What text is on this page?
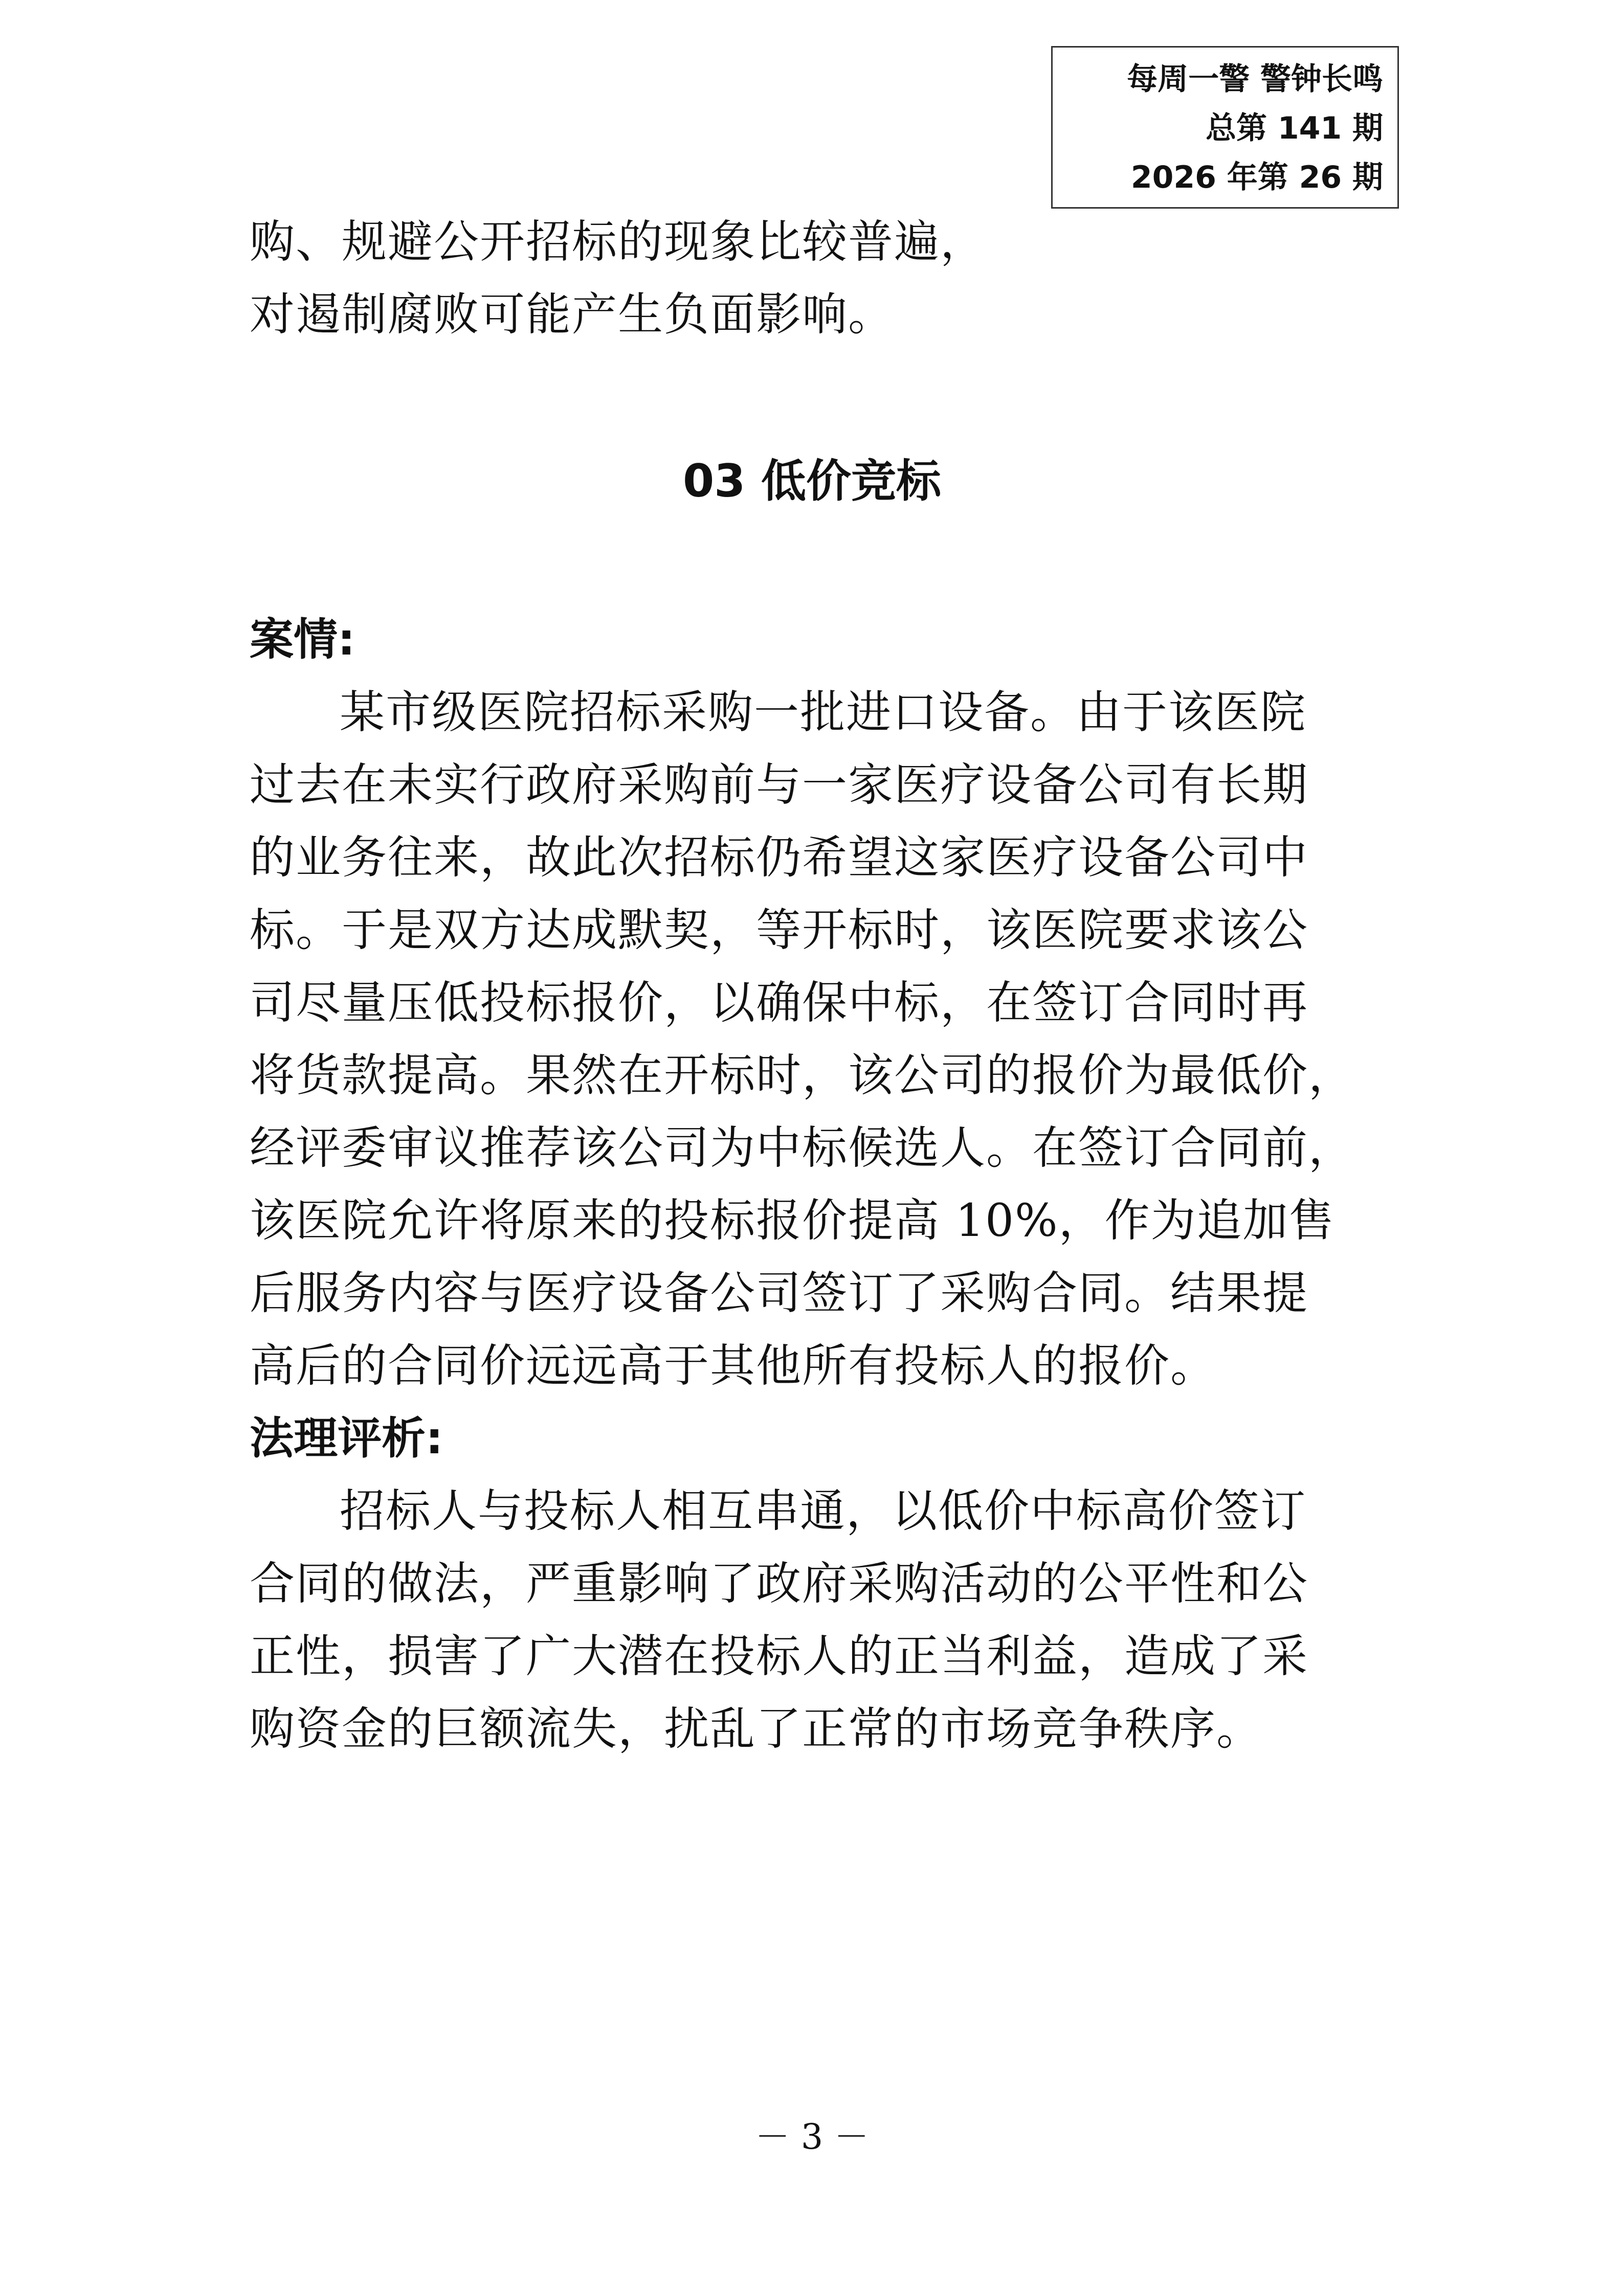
每周一警 警钟长鸣
总第 141 期
2026 年第 26 期
购、规避公开招标的现象比较普遍，
对遏制腐败可能产生负面影响。
03 低价竞标
案情:
某市级医院招标采购一批进口设备。由于该医院
过去在未实行政府采购前与一家医疗设备公司有长期
的业务往来，故此次招标仍希望这家医疗设备公司中
标。于是双方达成默契，等开标时，该医院要求该公
司尽量压低投标报价，以确保中标，在签订合同时再
将货款提高。果然在开标时，该公司的报价为最低价，
经评委审议推荐该公司为中标候选人。在签订合同前，
该医院允许将原来的投标报价提高 10%，作为追加售
后服务内容与医疗设备公司签订了采购合同。结果提
高后的合同价远远高于其他所有投标人的报价。
法理评析:
招标人与投标人相互串通，以低价中标高价签订
合同的做法，严重影响了政府采购活动的公平性和公
正性，损害了广大潜在投标人的正当利益，造成了采
购资金的巨额流失，扰乱了正常的市场竞争秩序。
－ 3 －
